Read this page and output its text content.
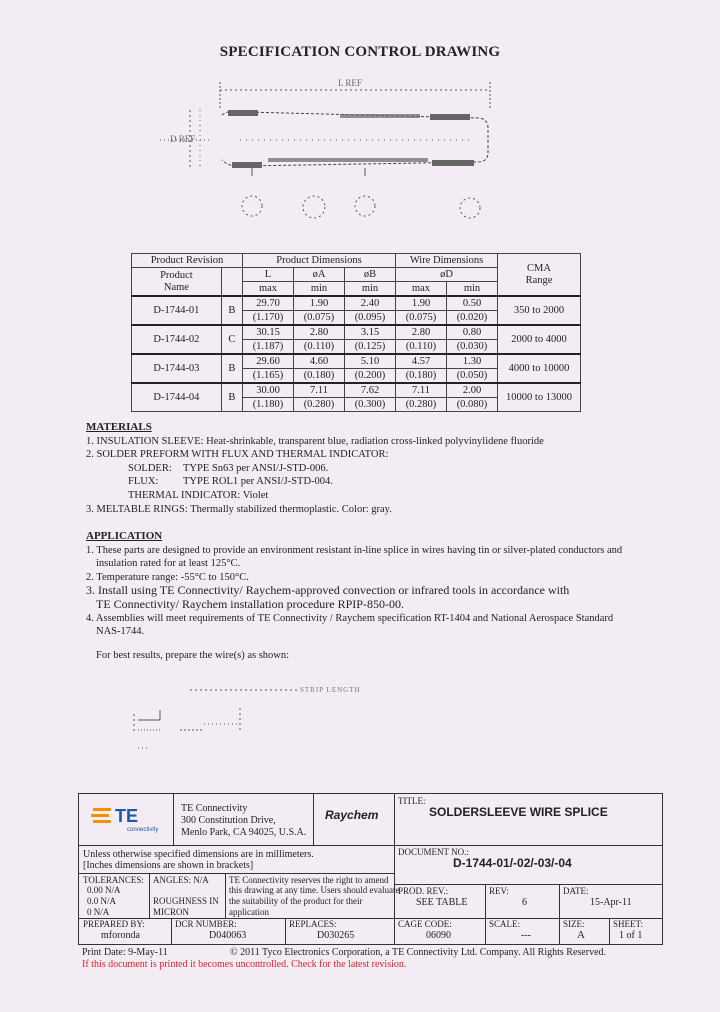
SPECIFICATION CONTROL DRAWING
L REF
D REF
Product Revision		Product Dimensions			Wire Dimensions		CMA
Range
Product
Name		L	øA	øB	øD		
		max	min	min	max	min	
D-1744-01	B	29.70	1.90	2.40	1.90	0.50	350 to 2000
		(1.170)	(0.075)	(0.095)	(0.075)	(0.020)	
D-1744-02	C	30.15	2.80	3.15	2.80	0.80	2000 to 4000
		(1.187)	(0.110)	(0.125)	(0.110)	(0.030)	
D-1744-03	B	29.60	4.60	5.10	4.57	1.30	4000 to 10000
		(1.165)	(0.180)	(0.200)	(0.180)	(0.050)	
D-1744-04	B	30.00	7.11	7.62	7.11	2.00	10000 to 13000
		(1.180)	(0.280)	(0.300)	(0.280)	(0.080)	
MATERIALS
1. INSULATION SLEEVE: Heat-shrinkable, transparent blue, radiation cross-linked polyvinylidene fluoride
2. SOLDER PREFORM WITH FLUX AND THERMAL INDICATOR:
SOLDER: TYPE Sn63 per ANSI/J-STD-006.
FLUX: TYPE ROL1 per ANSI/J-STD-004.
THERMAL INDICATOR: Violet
3. MELTABLE RINGS: Thermally stabilized thermoplastic. Color: gray.
APPLICATION
1. These parts are designed to provide an environment resistant in-line splice in wires having tin or silver-plated conductors and
insulation rated for at least 125°C.
2. Temperature range: -55°C to 150°C.
3. Install using TE Connectivity/ Raychem-approved convection or infrared tools in accordance with
TE Connectivity/ Raychem installation procedure RPIP-850-00.
4. Assemblies will meet requirements of TE Connectivity / Raychem specification RT-1404 and National Aerospace Standard
NAS-1744.
For best results, prepare the wire(s) as shown:
STRIP LENGTH
TE
connectivity
TE Connectivity
300 Constitution Drive,
Menlo Park, CA 94025, U.S.A.
Raychem
TITLE:
SOLDERSLEEVE WIRE SPLICE
Unless otherwise specified dimensions are in millimeters.
[Inches dimensions are shown in brackets]
DOCUMENT NO.:
D-1744-01/-02/-03/-04
TOLERANCES:
0.00 N/A
0.0 N/A
0 N/A
ANGLES: N/A
ROUGHNESS IN
MICRON
TE Connectivity reserves the right to amend
this drawing at any time. Users should evaluate
the suitability of the product for their
application
PROD. REV.:
SEE TABLE
REV:
6
DATE:
15-Apr-11
PREPARED BY:
mforonda
DCR NUMBER:
D040063
REPLACES:
D030265
CAGE CODE:
06090
SCALE:
---
SIZE:
A
SHEET:
1 of 1
Print Date: 9-May-11	© 2011 Tyco Electronics Corporation, a TE Connectivity Ltd. Company. All Rights Reserved.
If this document is printed it becomes uncontrolled. Check for the latest revision.
